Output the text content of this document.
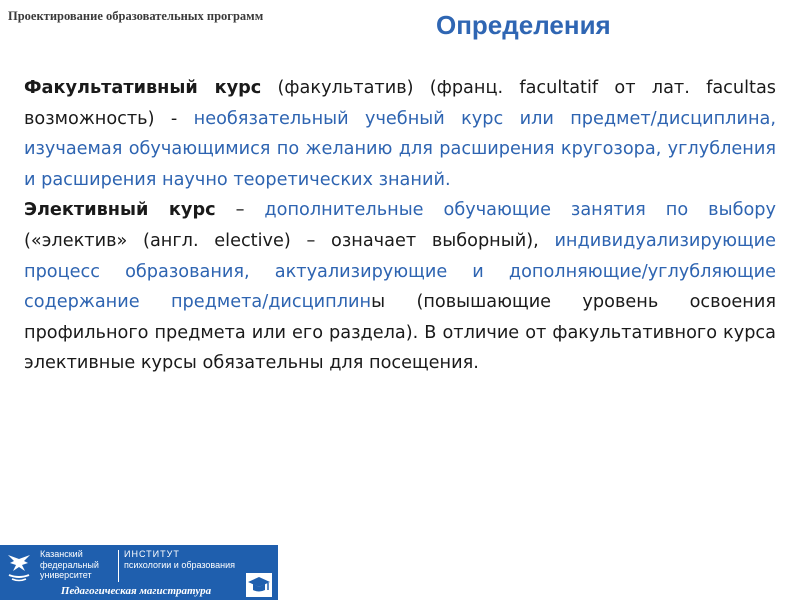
Проектирование образовательных программ	Определения

Факультативный курс (факультатив) (франц. facultatif от лат. facultas возможность) - необязательный учебный курс или предмет/дисциплина, изучаемая обучающимися по желанию для расширения кругозора, углубления и расширения научно теоретических знаний.

Элективный курс – дополнительные обучающие занятия по выбору («электив» (англ. elective) – означает выборный), индивидуализирующие процесс образования, актуализирующие и дополняющие/углубляющие содержание предмета/дисциплины (повышающие уровень освоения профильного предмета или его раздела). В отличие от факультативного курса элективные курсы обязательны для посещения.

Казанский федеральный университет
ИНСТИТУТ
психологии и образования
Педагогическая магистратура
